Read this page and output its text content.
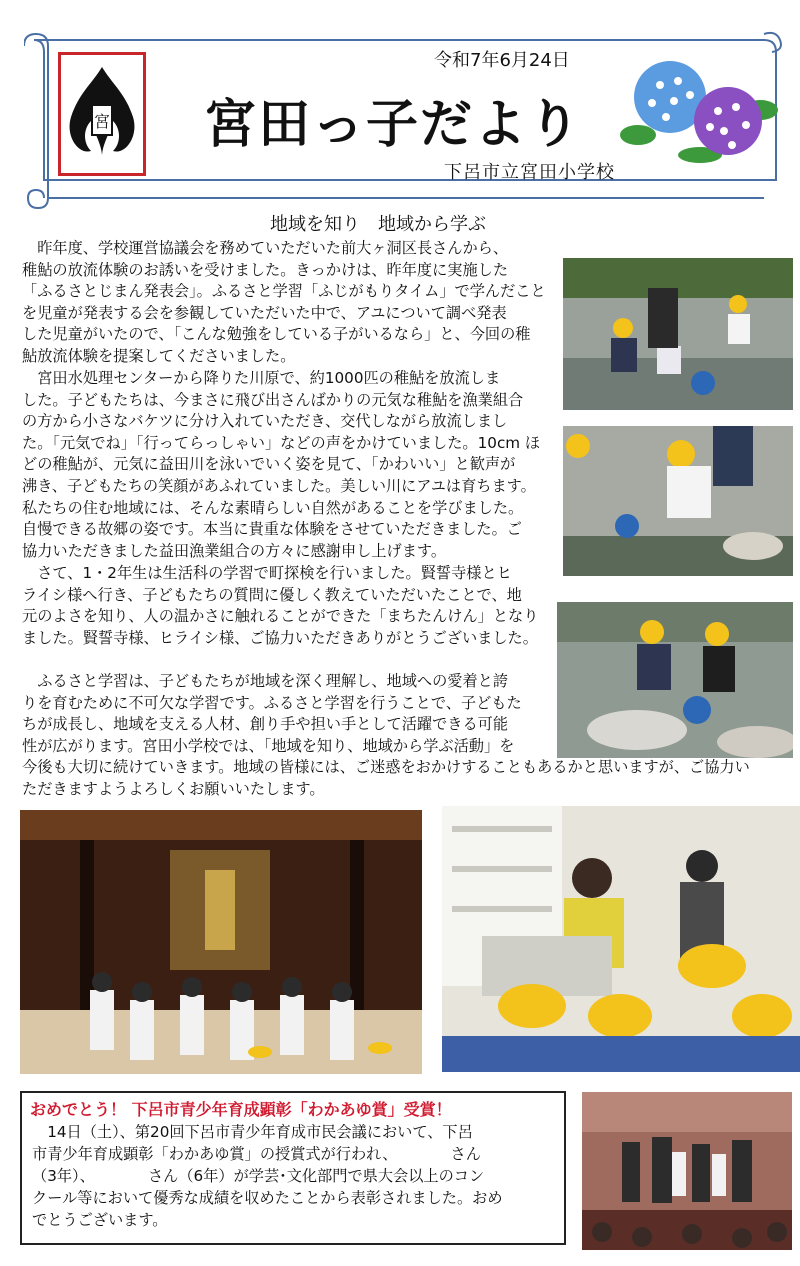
宮
令和7年6月24日
宮田っ子だより
下呂市立宮田小学校
地域を知り　地域から学ぶ
　昨年度、学校運営協議会を務めていただいた前大ヶ洞区長さんから、
稚鮎の放流体験のお誘いを受けました。きっかけは、昨年度に実施した
「ふるさとじまん発表会」。ふるさと学習「ふじがもりタイム」で学んだこと
を児童が発表する会を参観していただいた中で、アユについて調べ発表
した児童がいたので、「こんな勉強をしている子がいるなら」と、今回の稚
鮎放流体験を提案してくださいました。
　宮田水処理センターから降りた川原で、約1000匹の稚鮎を放流しま
した。子どもたちは、今まさに飛び出さんばかりの元気な稚鮎を漁業組合
の方から小さなバケツに分け入れていただき、交代しながら放流しまし
た。「元気でね」「行ってらっしゃい」などの声をかけていました。10cm ほ
どの稚鮎が、元気に益田川を泳いでいく姿を見て、「かわいい」と歓声が
沸き、子どもたちの笑顔があふれていました。美しい川にアユは育ちます。
私たちの住む地域には、そんな素晴らしい自然があることを学びました。
自慢できる故郷の姿です。本当に貴重な体験をさせていただきました。ご
協力いただきました益田漁業組合の方々に感謝申し上げます。
　さて、1・2年生は生活科の学習で町探検を行いました。賢誓寺様とヒ
ライシ様へ行き、子どもたちの質問に優しく教えていただいたことで、地
元のよさを知り、人の温かさに触れることができた「まちたんけん」となり
ました。賢誓寺様、ヒライシ様、ご協力いただきありがとうございました。
　ふるさと学習は、子どもたちが地域を深く理解し、地域への愛着と誇
りを育むために不可欠な学習です。ふるさと学習を行うことで、子どもた
ちが成長し、地域を支える人材、創り手や担い手として活躍できる可能
性が広がります。宮田小学校では、「地域を知り、地域から学ぶ活動」を
今後も大切に続けていきます。地域の皆様には、ご迷惑をおかけすることもあるかと思いますが、ご協力い
ただきますようよろしくお願いいたします。
おめでとう！ 下呂市青少年育成顕彰「わかあゆ賞」受賞！
　14日（土）、第20回下呂市青少年育成市民会議において、下呂
市青少年育成顕彰「わかあゆ賞」の授賞式が行われ、　　　　さん
（3年）、　　　　さん（6年）が学芸･文化部門で県大会以上のコン
クール等において優秀な成績を収めたことから表彰されました。おめ
でとうございます。
